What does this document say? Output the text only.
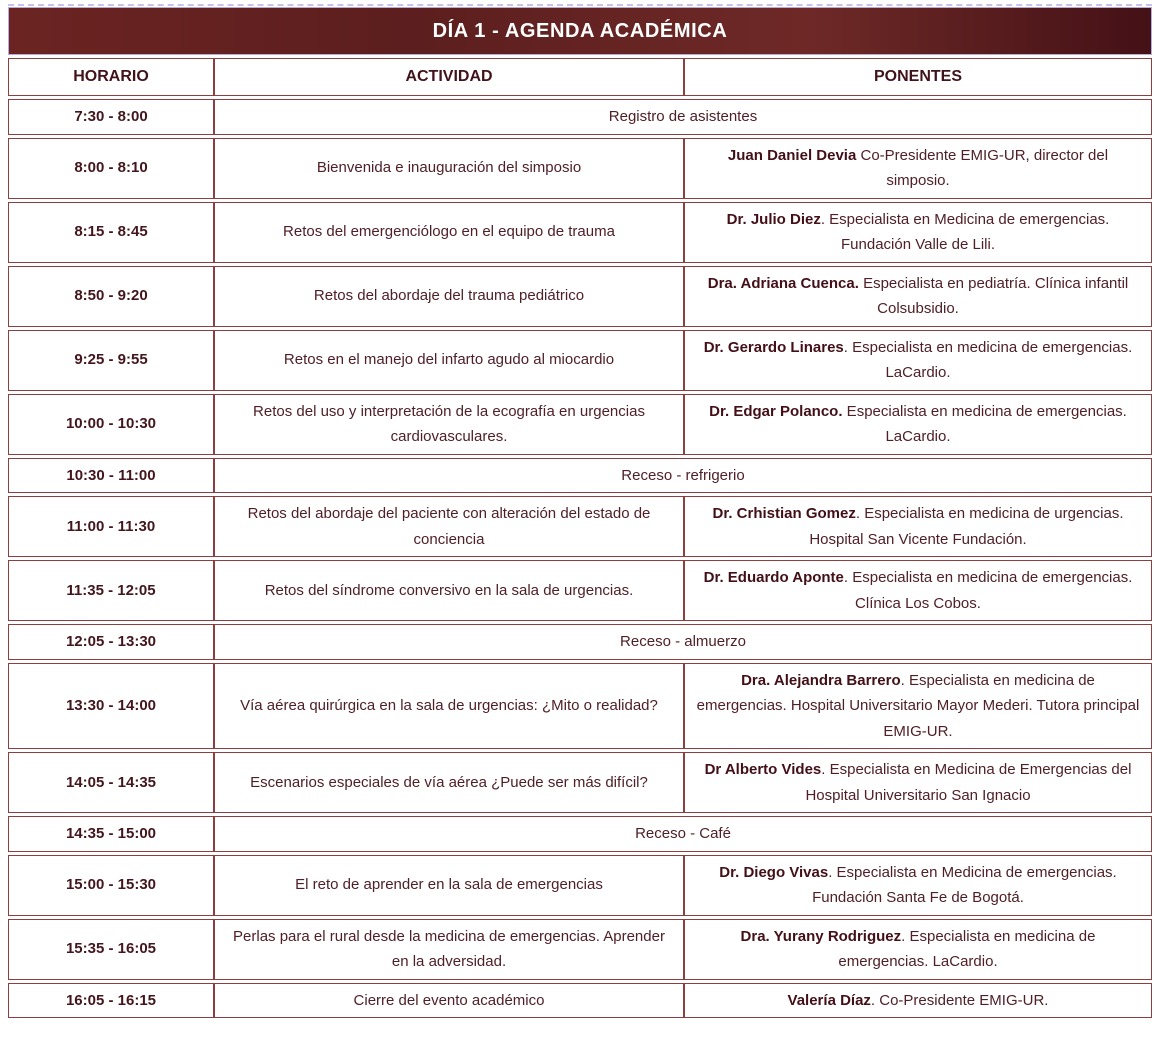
DÍA 1 - AGENDA ACADÉMICA
HORARIO	ACTIVIDAD	PONENTES
7:30 - 8:00	Registro de asistentes	
8:00 - 8:10	Bienvenida e inauguración del simposio	Juan Daniel Devia Co-Presidente EMIG-UR, director del simposio.
8:15 - 8:45	Retos del emergenciólogo en el equipo de trauma	Dr. Julio Diez. Especialista en Medicina de emergencias. Fundación Valle de Lili.
8:50 - 9:20	Retos del abordaje del trauma pediátrico	Dra. Adriana Cuenca. Especialista en pediatría. Clínica infantil Colsubsidio.
9:25 - 9:55	Retos en el manejo del infarto agudo al miocardio	Dr. Gerardo Linares. Especialista en medicina de emergencias. LaCardio.
10:00 - 10:30	Retos del uso y interpretación de la ecografía en urgencias cardiovasculares.	Dr. Edgar Polanco. Especialista en medicina de emergencias. LaCardio.
10:30 - 11:00	Receso - refrigerio	
11:00 - 11:30	Retos del abordaje del paciente con alteración del estado de conciencia	Dr. Crhistian Gomez. Especialista en medicina de urgencias. Hospital San Vicente Fundación.
11:35 - 12:05	Retos del síndrome conversivo en la sala de urgencias.	Dr. Eduardo Aponte. Especialista en medicina de emergencias. Clínica Los Cobos.
12:05 - 13:30	Receso - almuerzo	
13:30 - 14:00	Vía aérea quirúrgica en la sala de urgencias: ¿Mito o realidad?	Dra. Alejandra Barrero. Especialista en medicina de emergencias. Hospital Universitario Mayor Mederi. Tutora principal EMIG-UR.
14:05 - 14:35	Escenarios especiales de vía aérea ¿Puede ser más difícil?	Dr Alberto Vides. Especialista en Medicina de Emergencias del Hospital Universitario San Ignacio
14:35 - 15:00	Receso - Café	
15:00 - 15:30	El reto de aprender en la sala de emergencias	Dr. Diego Vivas. Especialista en Medicina de emergencias. Fundación Santa Fe de Bogotá.
15:35 - 16:05	Perlas para el rural desde la medicina de emergencias. Aprender en la adversidad.	Dra. Yurany Rodriguez. Especialista en medicina de emergencias. LaCardio.
16:05 - 16:15	Cierre del evento académico	Valería Díaz. Co-Presidente EMIG-UR.
